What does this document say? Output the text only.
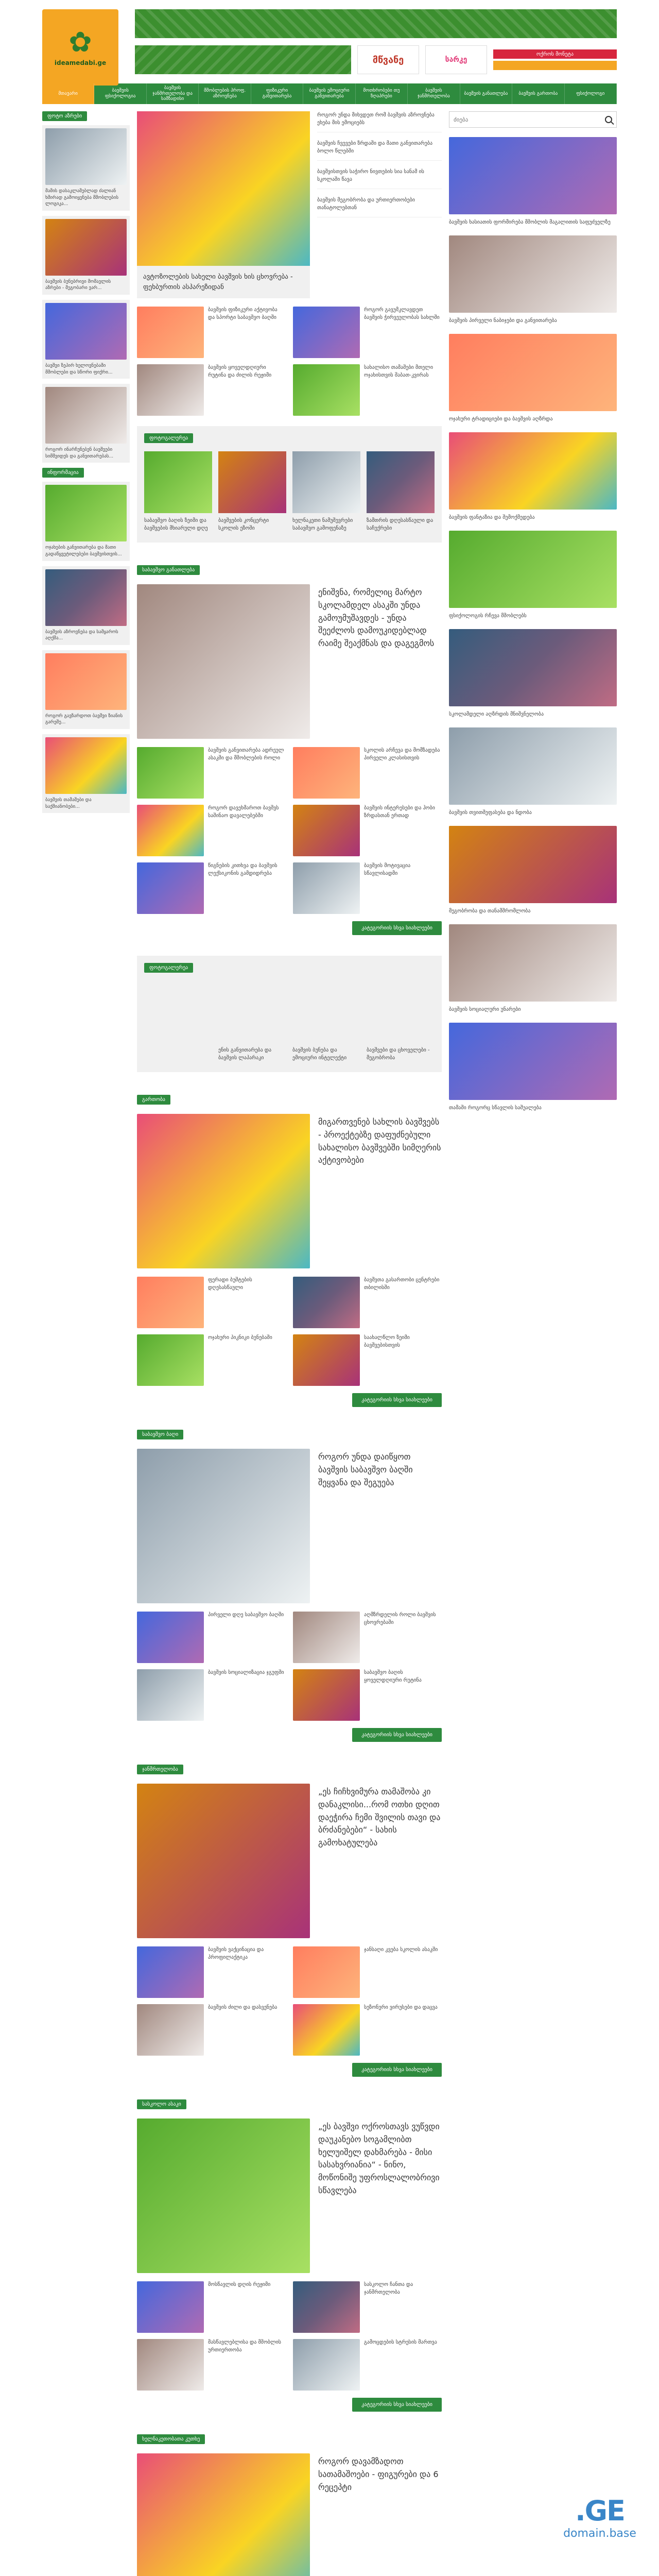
✿
ideamedabi.ge	მწვანე	სარკე
ოქროს მონეტა
მთავარი
ბავშვის ფსიქოლოგია
ბავშვის ჯანმრთელობა და სამზადისი
მშობლების პროფ. აზროვნება
ფიზიკური განვითარება
ბავშვის ემოციური განვითარება
მოთხრობები თუ ზღაპრები
ბავშვის ჯანმრთელობა
ბავშვის განათლება	ბავშვის გართობა	ფსიქოლოგი
ფოტო აზრები
მამის დასაკლამებლად ძალიან ხშირად გამოიყენება მშობლების ლოგიკა...
ბავშვის ბუნებრივი მომავლის აზრები - მეგობარი ვარ...
ბავშვი ზეპირ ხელოვნებაში მშობლები და სწორი ფიქრი...
როგორ ინარჩუნებენ ბავშვები სიმშვიდეს და განვითარებას...
ინფორმაცია
ოჯახების განვითარება და მათი გადაწყვეტილებები ბავშვისთვის...
ბავშვის აზროვნება და სამყაროს აღქმა...
როგორ გავზარდოთ ბავშვი ზიანის გარეშე...
ბავშვის თამაშები და საქმიანობები...
ავტოზოლების სახელი ბავშვის ხის ცხოვრება - ფეხბურთის ასპარეზიდან
როგორ უნდა მიხვდეთ რომ ბავშვის აზროვნება ეხება მის ემოციებს
ბავშვის ჩვევები ზრდაში და მათი განვითარება ბოლო წლებში
ბავშვისთვის საჭირო ნივთების სია სანამ ის სკოლაში წავა
ბავშვის მეგობრობა და ურთიერთობები თანატოლებთან
ბავშვის ფიზიკური აქტივობა და სპორტი საბავშვო ბაღში
როგორ გავუმკლავდეთ ბავშვის ჭირვეულობას სახლში
ბავშვის ყოველდღიური რუტინა და ძილის რეჟიმი
სახალისო თამაშები მთელი ოჯახისთვის შაბათ-კვირას
ფოტოგალერეა
საბავშვო ბაღის ზეიმი და ბავშვების მხიარული დღე
ბავშვების კონცერტი სკოლის ეზოში
ხელნაკეთი ნამუშევრები საბავშვო გამოფენაზე
ზამთრის დღესასწაული და საჩუქრები
საბავშვო განათლება
ენიშვნა, რომელიც მარტო სკოლამდელ ასაკში უნდა გამოუმუშავდეს - უნდა შეეძლოს დამოუკიდებლად რაიმე შეაქმნას და დაგეგმოს
ბავშვის განვითარება ადრეულ ასაკში და მშობლების როლი
სკოლის არჩევა და მომზადება პირველი კლასისთვის
როგორ დავეხმაროთ ბავშვს საშინაო დავალებებში
ბავშვის ინტერესები და ჰობი ზრდასთან ერთად
წიგნების კითხვა და ბავშვის ლექსიკონის გამდიდრება
ბავშვის მოტივაცია სწავლისადმი
კატეგორიის სხვა სიახლეები
ფოტოგალერეა
ენის განვითარება და ბავშვის ლაპარაკი
ბავშვის ბუნება და ემოციური ინტელექტი
ბავშვები და ცხოველები - მეგობრობა
გართობა
მიგართვენებ სახლის ბავშვებს - პროექტებზე დაფუძნებული სახალისო ბავშვებში სიმღერის აქტივობები
ფერადი ბუშტების დღესასწაული
ბავშვთა გასართობი ცენტრები თბილისში
ოჯახური პიკნიკი ბუნებაში	საახალწლო ზეიმი ბავშვებისთვის
კატეგორიის სხვა სიახლეები
საბავშვო ბაღი
როგორ უნდა დაიწყოთ ბავშვის საბავშვო ბაღში შეყვანა და შეგუება
პირველი დღე საბავშვო ბაღში	აღმზრდელის როლი ბავშვის ცხოვრებაში
ბავშვის სოციალიზაცია ჯგუფში	საბავშვო ბაღის ყოველდღიური რუტინა
კატეგორიის სხვა სიახლეები
ჯანმრთელობა
„ეს ჩიჩხვიმურა თამაშობა კი დანაკლისი...რომ ოთხი დღით დაეჭირა ჩემი შვილის თავი და ბრძანებები“ - სახის გამოხატულება
ბავშვის ვაქცინაცია და პროფილაქტიკა
ჯანსაღი კვება სკოლის ასაკში
ბავშვის ძილი და დასვენება	სეზონური ვირუსები და დაცვა
კატეგორიის სხვა სიახლეები
სასკოლო ასაკი
„ეს ბავშვი ოქროსთავს ვუწვდი დაუკანებო სოგამლიბთ ხელუიშელ დახმარება - მისი სასახვრიანია“ - ნინო, მოწონიშე უფროსლალობრივი სწავლება
მოსწავლის დღის რეჟიმი	სასკოლო ჩანთა და ჯანმრთელობა
მასწავლებლისა და მშობლის ურთიერთობა
გამოცდების სტრესის მართვა
კატეგორიის სხვა სიახლეები
ხელნაკეთობათა კუთხე
როგორ დავამზადოთ სათამაშოები - ფიგურები და 6 რეცეპტი
ძიება
ბავშვის ხასიათის ფორმირება მშობლის მაგალითის საფუძველზე
ბავშვის პირველი ნაბიჯები და განვითარება
ოჯახური ტრადიციები და ბავშვის აღზრდა
ბავშვის ფანტაზია და შემოქმედება
ფსიქოლოგის რჩევა მშობლებს
სკოლამდელი აღზრდის მნიშვნელობა
ბავშვის თვითშეფასება და ნდობა
მეგობრობა და თანამშრომლობა
ბავშვის სოციალური უნარები
თამაში როგორც სწავლის საშუალება
.GE
domain.base
